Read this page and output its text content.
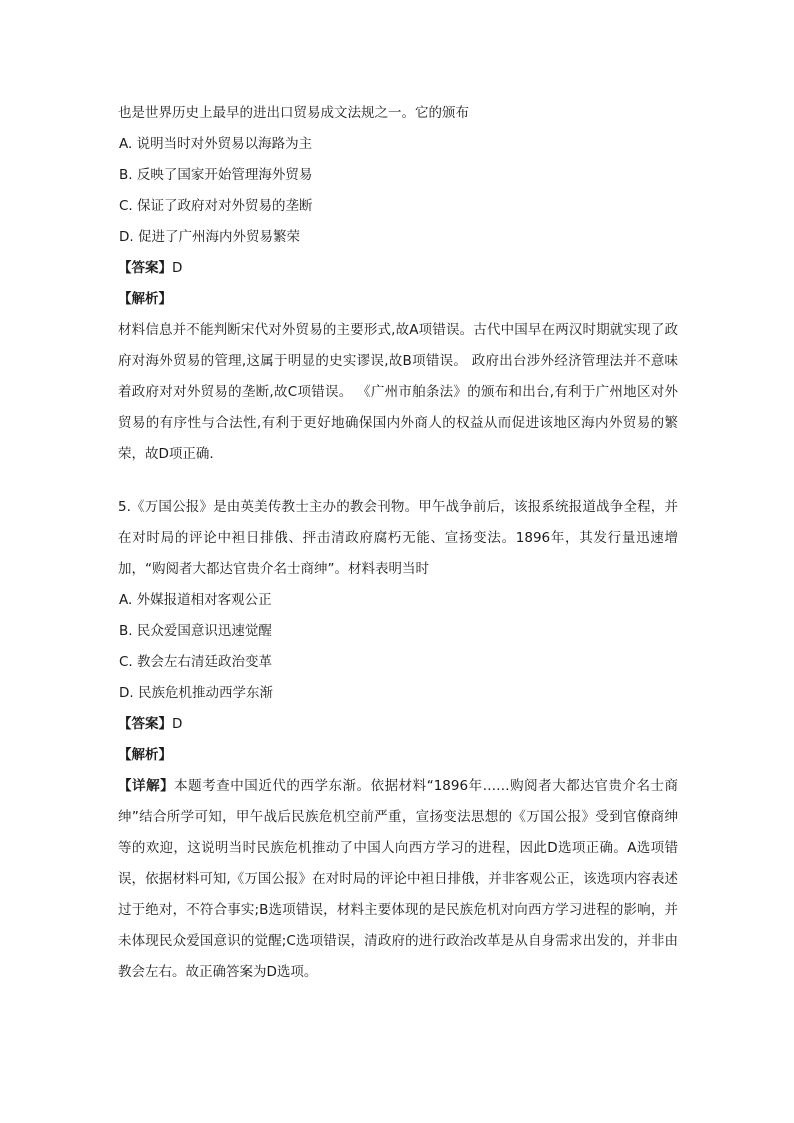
也是世界历史上最早的进出口贸易成文法规之一。它的颁布
A. 说明当时对外贸易以海路为主
B. 反映了国家开始管理海外贸易
C. 保证了政府对对外贸易的垄断
D. 促进了广州海内外贸易繁荣
【答案】D
【解析】
材料信息并不能判断宋代对外贸易的主要形式,故A项错误。古代中国早在两汉时期就实现了政府对海外贸易的管理,这属于明显的史实谬误,故B项错误。 政府出台涉外经济管理法并不意味着政府对对外贸易的垄断,故C项错误。 《广州市舶条法》的颁布和出台,有利于广州地区对外贸易的有序性与合法性,有利于更好地确保国内外商人的权益从而促进该地区海内外贸易的繁荣，故D项正确.
5.《万国公报》是由英美传教士主办的教会刊物。甲午战争前后，该报系统报道战争全程，并在对时局的评论中袒日排俄、抨击清政府腐朽无能、宣扬变法。1896年，其发行量迅速增加，“购阅者大都达官贵介名士商绅”。材料表明当时
A. 外媒报道相对客观公正
B. 民众爱国意识迅速觉醒
C. 教会左右清廷政治变革
D. 民族危机推动西学东渐
【答案】D
【解析】
【详解】本题考查中国近代的西学东渐。依据材料“1896年……购阅者大都达官贵介名士商绅”结合所学可知，甲午战后民族危机空前严重，宣扬变法思想的《万国公报》受到官僚商绅等的欢迎，这说明当时民族危机推动了中国人向西方学习的进程，因此D选项正确。A选项错误，依据材料可知,《万国公报》在对时局的评论中袒日排俄，并非客观公正，该选项内容表述过于绝对，不符合事实;B选项错误，材料主要体现的是民族危机对向西方学习进程的影响，并未体现民众爱国意识的觉醒;C选项错误，清政府的进行政治改革是从自身需求出发的，并非由教会左右。故正确答案为D选项。
